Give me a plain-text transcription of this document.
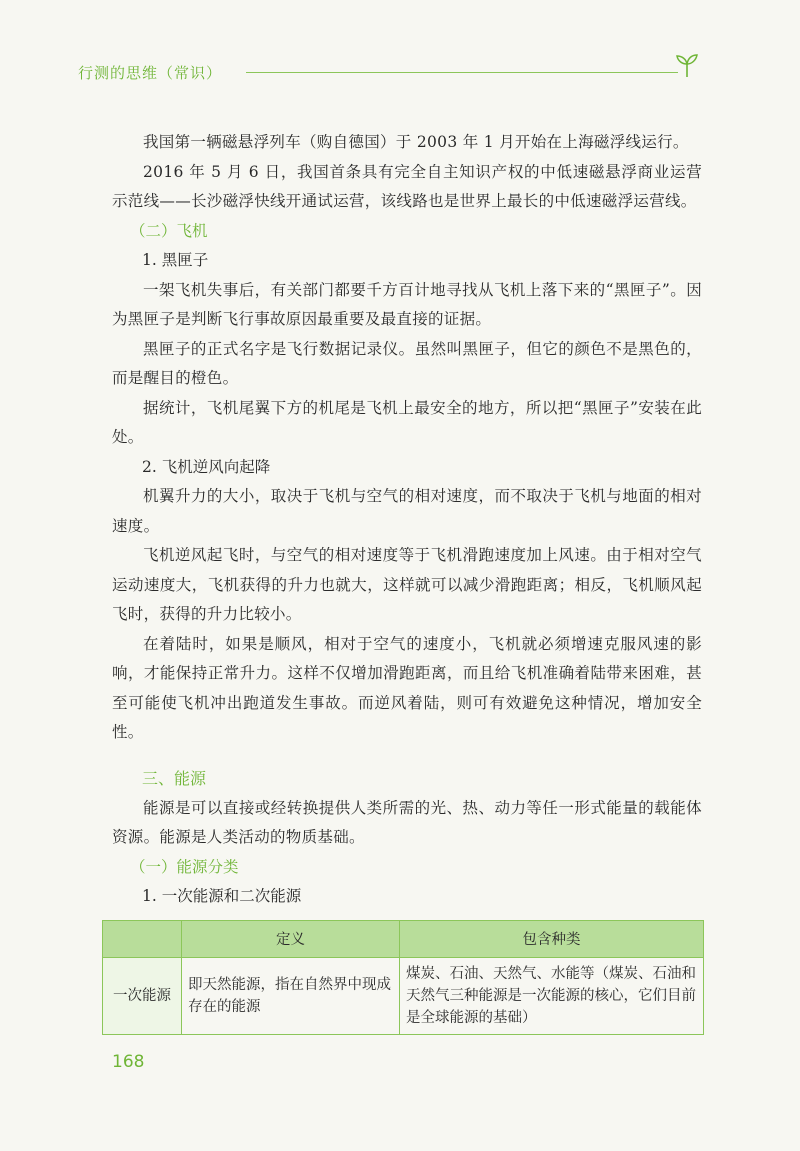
行测的思维（常识）

我国第一辆磁悬浮列车（购自德国）于 2003 年 1 月开始在上海磁浮线运行。

2016 年 5 月 6 日，我国首条具有完全自主知识产权的中低速磁悬浮商业运营示范线——长沙磁浮快线开通试运营，该线路也是世界上最长的中低速磁浮运营线。

（二）飞机

1. 黑匣子

一架飞机失事后，有关部门都要千方百计地寻找从飞机上落下来的“黑匣子”。因为黑匣子是判断飞行事故原因最重要及最直接的证据。

黑匣子的正式名字是飞行数据记录仪。虽然叫黑匣子，但它的颜色不是黑色的，而是醒目的橙色。

据统计，飞机尾翼下方的机尾是飞机上最安全的地方，所以把“黑匣子”安装在此处。

2. 飞机逆风向起降

机翼升力的大小，取决于飞机与空气的相对速度，而不取决于飞机与地面的相对速度。

飞机逆风起飞时，与空气的相对速度等于飞机滑跑速度加上风速。由于相对空气运动速度大，飞机获得的升力也就大，这样就可以减少滑跑距离；相反，飞机顺风起飞时，获得的升力比较小。

在着陆时，如果是顺风，相对于空气的速度小，飞机就必须增速克服风速的影响，才能保持正常升力。这样不仅增加滑跑距离，而且给飞机准确着陆带来困难，甚至可能使飞机冲出跑道发生事故。而逆风着陆，则可有效避免这种情况，增加安全性。

三、能源

能源是可以直接或经转换提供人类所需的光、热、动力等任一形式能量的载能体资源。能源是人类活动的物质基础。

（一）能源分类

1. 一次能源和二次能源

	定义	包含种类
一次能源	即天然能源，指在自然界中现成存在的能源	煤炭、石油、天然气、水能等（煤炭、石油和天然气三种能源是一次能源的核心，它们目前是全球能源的基础）
168
